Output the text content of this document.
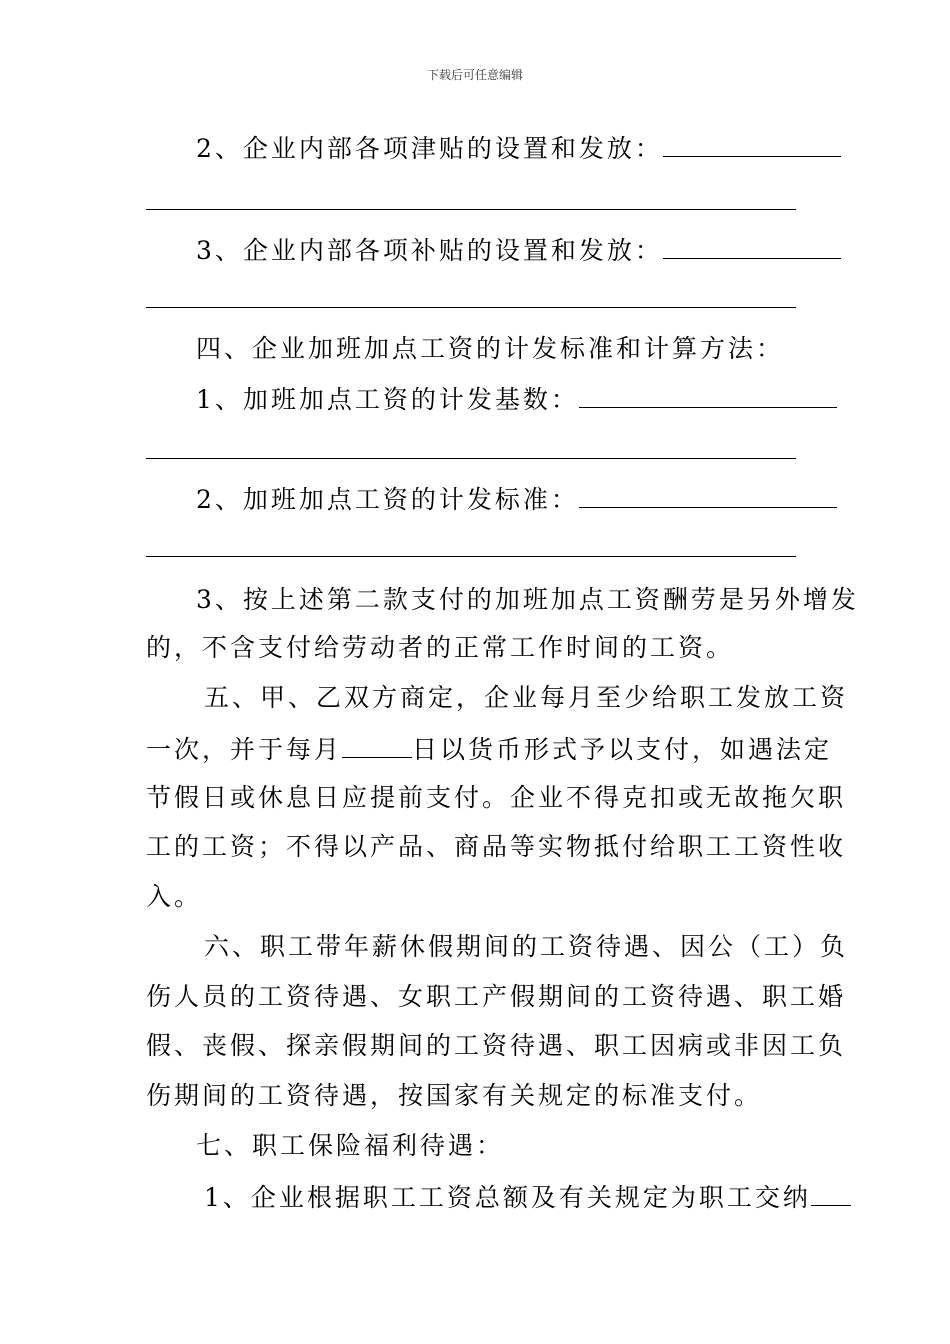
下载后可任意编辑
2、企业内部各项津贴的设置和发放：
3、企业内部各项补贴的设置和发放：
四、企业加班加点工资的计发标准和计算方法：
1、加班加点工资的计发基数：
2、加班加点工资的计发标准：
3、按上述第二款支付的加班加点工资酬劳是另外增发
的，不含支付给劳动者的正常工作时间的工资。
五、甲、乙双方商定，企业每月至少给职工发放工资
一次，并于每月	日以货币形式予以支付，如遇法定
节假日或休息日应提前支付。企业不得克扣或无故拖欠职
工的工资；不得以产品、商品等实物抵付给职工工资性收
入。
六、职工带年薪休假期间的工资待遇、因公（工）负
伤人员的工资待遇、女职工产假期间的工资待遇、职工婚
假、丧假、探亲假期间的工资待遇、职工因病或非因工负
伤期间的工资待遇，按国家有关规定的标准支付。
七、职工保险福利待遇：
1、企业根据职工工资总额及有关规定为职工交纳
